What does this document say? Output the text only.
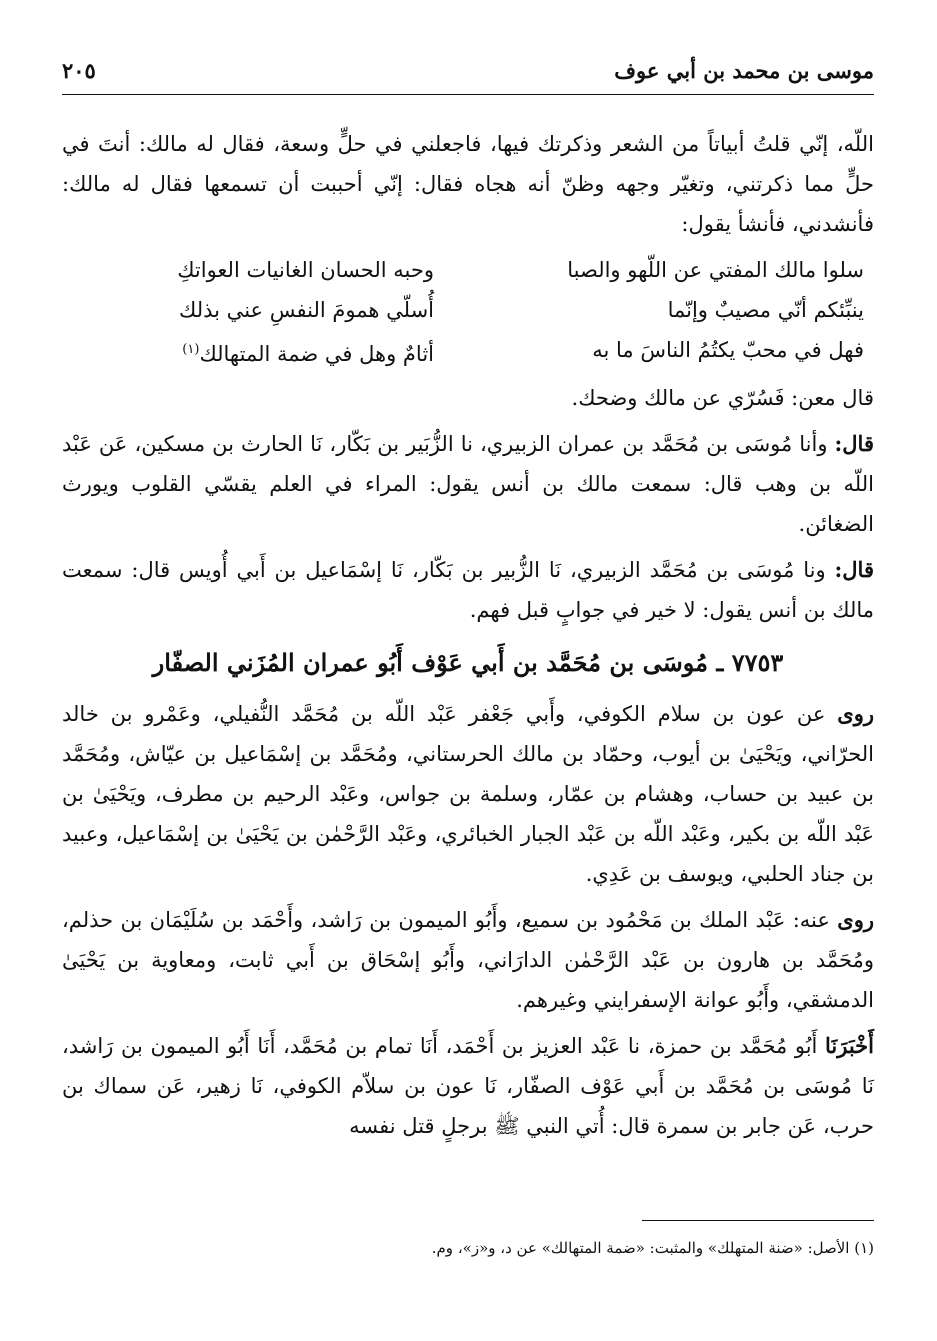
موسى بن محمد بن أبي عوف
٢٠٥

اللّه، إنّي قلتُ أبياتاً من الشعر وذكرتك فيها، فاجعلني في حلٍّ وسعة، فقال له مالك: أنتَ في حلٍّ مما ذكرتني، وتغيّر وجهه وظنّ أنه هجاه فقال: إنّي أحببت أن تسمعها فقال له مالك: فأنشدني، فأنشأ يقول:

سلوا مالك المفتي عن اللّهو والصبا
وحبه الحسان الغانيات العواتكِ
ينبِّئكم أنّي مصيبٌ وإنّما
أُسلّي همومَ النفسِ عني بذلك
فهل في محبّ يكتُمُ الناسَ ما به
أثامٌ وهل في ضمة المتهالك$^{(١)}$

قال معن: فَسُرّي عن مالك وضحك.

قال: وأنا مُوسَى بن مُحَمَّد بن عمران الزبيري، نا الزُّبَير بن بَكّار، نَا الحارث بن مسكين، عَن عَبْد اللّه بن وهب قال: سمعت مالك بن أنس يقول: المراء في العلم يقسّي القلوب ويورث الضغائن.

قال: ونا مُوسَى بن مُحَمَّد الزبيري، نَا الزُّبير بن بَكّار، نَا إسْمَاعيل بن أَبي أُويس قال: سمعت مالك بن أنس يقول: لا خير في جوابٍ قبل فهم.

٧٧٥٣ ـ مُوسَى بن مُحَمَّد بن أَبي عَوْف أَبُو عمران المُزَني الصفّار

روى عن عون بن سلام الكوفي، وأَبي جَعْفر عَبْد اللّه بن مُحَمَّد النُّفيلي، وعَمْرو بن خالد الحرّاني، ويَحْيَىٰ بن أيوب، وحمّاد بن مالك الحرستاني، ومُحَمَّد بن إسْمَاعيل بن عيّاش، ومُحَمَّد بن عبيد بن حساب، وهشام بن عمّار، وسلمة بن جواس، وعَبْد الرحيم بن مطرف، ويَحْيَىٰ بن عَبْد اللّه بن بكير، وعَبْد اللّه بن عَبْد الجبار الخبائري، وعَبْد الرَّحْمٰن بن يَحْيَىٰ بن إسْمَاعيل، وعبيد بن جناد الحلبي، ويوسف بن عَدِي.

روى عنه: عَبْد الملك بن مَحْمُود بن سميع، وأَبُو الميمون بن رَاشد، وأَحْمَد بن سُلَيْمَان بن حذلم، ومُحَمَّد بن هارون بن عَبْد الرَّحْمٰن الدارَاني، وأَبُو إسْحَاق بن أَبي ثابت، ومعاوية بن يَحْيَىٰ الدمشقي، وأَبُو عوانة الإسفرايني وغيرهم.

أَخْبَرَنَا أَبُو مُحَمَّد بن حمزة، نا عَبْد العزيز بن أَحْمَد، أَنَا تمام بن مُحَمَّد، أَنَا أَبُو الميمون بن رَاشد، نَا مُوسَى بن مُحَمَّد بن أَبي عَوْف الصفّار، نَا عون بن سلاّم الكوفي، نَا زهير، عَن سماك بن حرب، عَن جابر بن سمرة قال: أُتي النبي ﷺ برجلٍ قتل نفسه

(١) الأصل: «ضنة المتهلك» والمثبت: «ضمة المتهالك» عن د، و«ز»، وم.
